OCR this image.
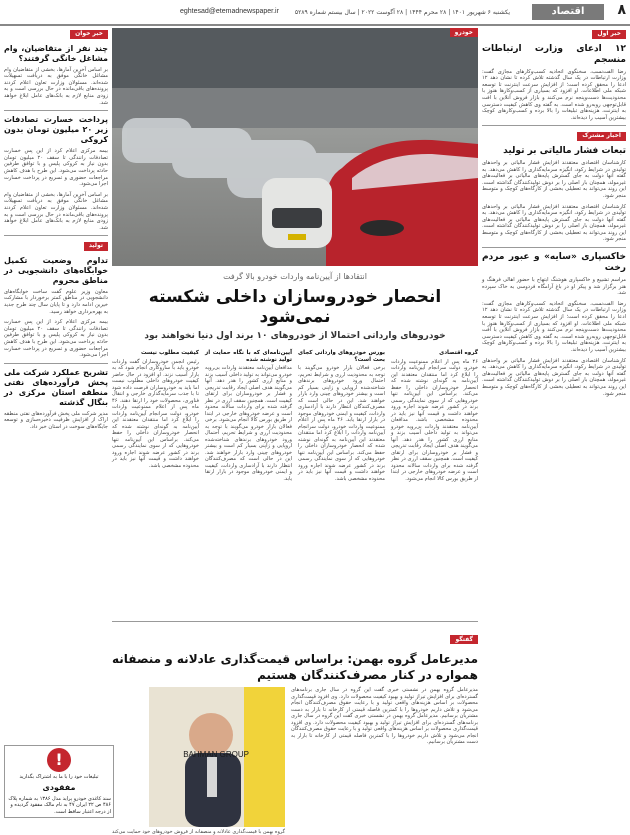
۸
اقتصاد
eghtesad@etemadnewspaper.ir	یکشنبه ۶ شهریور ۱۴۰۱ | ۲۸ محرم ۱۴۴۴ | ۲۸ آگوست ۲۰۲۲ | سال بیستم شماره ۵۲۸۹
خبر اول
۱۲ ادعای وزارت ارتباطات منسجم

رضا الفت‌نسب، سخنگوی اتحادیه کسب‌وکارهای مجازی گفت: وزارت ارتباطات در یک سال گذشته تلاش کرده تا نشان دهد ۱۲ ادعا را محقق کرده است؛ از افزایش سرعت اینترنت تا توسعه شبکه ملی اطلاعات. او افزود که بسیاری از کسب‌وکارها هنوز با محدودیت‌ها دست‌وپنجه نرم می‌کنند و بازار فروش آنلاین با افت قابل‌توجهی روبه‌رو شده است. به گفته وی کاهش کیفیت دسترسی به اینترنت، هزینه‌های تبلیغات را بالا برده و کسب‌وکارهای کوچک بیشترین آسیب را دیده‌اند.

اخبار مشترک
تبعات فشار مالیاتی بر تولید

کارشناسان اقتصادی معتقدند افزایش فشار مالیاتی بر واحدهای تولیدی در شرایط رکود، انگیزه سرمایه‌گذاری را کاهش می‌دهد. به گفته آنها دولت به جای گسترش پایه‌های مالیاتی بر فعالیت‌های غیرمولد، همچنان بار اصلی را بر دوش تولیدکنندگان گذاشته است. این روند می‌تواند به تعطیلی بخشی از کارگاه‌های کوچک و متوسط منجر شود.

کارشناسان اقتصادی معتقدند افزایش فشار مالیاتی بر واحدهای تولیدی در شرایط رکود، انگیزه سرمایه‌گذاری را کاهش می‌دهد. به گفته آنها دولت به جای گسترش پایه‌های مالیاتی بر فعالیت‌های غیرمولد، همچنان بار اصلی را بر دوش تولیدکنندگان گذاشته است. این روند می‌تواند به تعطیلی بخشی از کارگاه‌های کوچک و متوسط منجر شود.

خاکسپاری «سایه» و عبور مردم رخت

مراسم تشییع و خاکسپاری هوشنگ ابتهاج با حضور اهالی فرهنگ و هنر برگزار شد و پیکر او در باغ آرامگاه فردوسی به خاک سپرده شد.

رضا الفت‌نسب، سخنگوی اتحادیه کسب‌وکارهای مجازی گفت: وزارت ارتباطات در یک سال گذشته تلاش کرده تا نشان دهد ۱۲ ادعا را محقق کرده است؛ از افزایش سرعت اینترنت تا توسعه شبکه ملی اطلاعات. او افزود که بسیاری از کسب‌وکارها هنوز با محدودیت‌ها دست‌وپنجه نرم می‌کنند و بازار فروش آنلاین با افت قابل‌توجهی روبه‌رو شده است. به گفته وی کاهش کیفیت دسترسی به اینترنت، هزینه‌های تبلیغات را بالا برده و کسب‌وکارهای کوچک بیشترین آسیب را دیده‌اند.

کارشناسان اقتصادی معتقدند افزایش فشار مالیاتی بر واحدهای تولیدی در شرایط رکود، انگیزه سرمایه‌گذاری را کاهش می‌دهد. به گفته آنها دولت به جای گسترش پایه‌های مالیاتی بر فعالیت‌های غیرمولد، همچنان بار اصلی را بر دوش تولیدکنندگان گذاشته است. این روند می‌تواند به تعطیلی بخشی از کارگاه‌های کوچک و متوسط منجر شود.

خودرو
انتقادها از آیین‌نامه واردات خودرو بالا گرفت
انحصار خودروسازان داخلی شکسته نمی‌شود
خودروهای وارداتی احتمالا از خودروهای ۱۰ برند اول دنیا نخواهند بود
گروه اقتصادی
۴۶ ماه پس از اعلام ممنوعیت واردات خودرو، دولت سرانجام آیین‌نامه واردات را ابلاغ کرد اما منتقدان معتقدند این آیین‌نامه به گونه‌ای نوشته شده که انحصار خودروسازان داخلی را حفظ می‌کند. براساس این آیین‌نامه تنها خودروهایی که از سوی نمایندگی رسمی برند در کشور عرضه شوند اجازه ورود خواهند داشت و قیمت آنها نیز باید در محدوده مشخصی باشد. مدافعان آیین‌نامه معتقدند واردات بی‌رویه خودرو می‌تواند به تولید داخلی آسیب بزند و منابع ارزی کشور را هدر دهد. آنها می‌گویند هدف اصلی ایجاد رقابت تدریجی و فشار بر خودروسازان برای ارتقای کیفیت است. همچنین سقف ارزی در نظر گرفته شده برای واردات سالانه محدود است و عرضه خودروهای خارجی در ابتدا از طریق بورس کالا انجام می‌شود.
بورس خودروهای وارداتی کجای بحث است؟
برخی فعالان بازار خودرو می‌گویند با توجه به محدودیت ارزی و شرایط تحریم، احتمال ورود خودروهای برندهای شناخته‌شده اروپایی و ژاپنی بسیار کم است و بیشتر خودروهای چینی وارد بازار خواهند شد. این در حالی است که مصرف‌کنندگان انتظار دارند با آزادسازی واردات، کیفیت و ایمنی خودروهای موجود در بازار ارتقا یابد. ۴۶ ماه پس از اعلام ممنوعیت واردات خودرو، دولت سرانجام آیین‌نامه واردات را ابلاغ کرد اما منتقدان معتقدند این آیین‌نامه به گونه‌ای نوشته شده که انحصار خودروسازان داخلی را حفظ می‌کند. براساس این آیین‌نامه تنها خودروهایی که از سوی نمایندگی رسمی برند در کشور عرضه شوند اجازه ورود خواهند داشت و قیمت آنها نیز باید در محدوده مشخصی باشد.
آیین‌نامه‌ای که با نگاه حمایت از تولید نوشته شده
مدافعان آیین‌نامه معتقدند واردات بی‌رویه خودرو می‌تواند به تولید داخلی آسیب بزند و منابع ارزی کشور را هدر دهد. آنها می‌گویند هدف اصلی ایجاد رقابت تدریجی و فشار بر خودروسازان برای ارتقای کیفیت است. همچنین سقف ارزی در نظر گرفته شده برای واردات سالانه محدود است و عرضه خودروهای خارجی در ابتدا از طریق بورس کالا انجام می‌شود. برخی فعالان بازار خودرو می‌گویند با توجه به محدودیت ارزی و شرایط تحریم، احتمال ورود خودروهای برندهای شناخته‌شده اروپایی و ژاپنی بسیار کم است و بیشتر خودروهای چینی وارد بازار خواهند شد. این در حالی است که مصرف‌کنندگان انتظار دارند با آزادسازی واردات، کیفیت و ایمنی خودروهای موجود در بازار ارتقا یابد.
کیفیت مطلوب نیست
رئیس انجمن خودروسازان گفت واردات خودرو باید با سازوکاری انجام شود که به بازار آسیب نزند. او افزود در حال حاضر کیفیت خودروهای داخلی مطلوب نیست اما باید به خودروسازان فرصت داده شود تا با جذب سرمایه‌گذاری خارجی و انتقال فناوری، محصولات خود را ارتقا دهند. ۴۶ ماه پس از اعلام ممنوعیت واردات خودرو، دولت سرانجام آیین‌نامه واردات را ابلاغ کرد اما منتقدان معتقدند این آیین‌نامه به گونه‌ای نوشته شده که انحصار خودروسازان داخلی را حفظ می‌کند. براساس این آیین‌نامه تنها خودروهایی که از سوی نمایندگی رسمی برند در کشور عرضه شوند اجازه ورود خواهند داشت و قیمت آنها نیز باید در محدوده مشخصی باشد.
گفتگو
مدیرعامل گروه بهمن: براساس قیمت‌گذاری عادلانه و منصفانه همواره در کنار مصرف‌کنندگان هستیم
مدیرعامل گروه بهمن در نشستی خبری گفت این گروه در سال جاری برنامه‌های گسترده‌ای برای افزایش تیراژ تولید و بهبود کیفیت محصولات دارد. وی افزود قیمت‌گذاری محصولات بر اساس هزینه‌های واقعی تولید و با رعایت حقوق مصرف‌کنندگان انجام می‌شود و تلاش داریم خودروها را با کمترین فاصله قیمتی از کارخانه تا بازار به دست مشتریان برسانیم. مدیرعامل گروه بهمن در نشستی خبری گفت این گروه در سال جاری برنامه‌های گسترده‌ای برای افزایش تیراژ تولید و بهبود کیفیت محصولات دارد. وی افزود قیمت‌گذاری محصولات بر اساس هزینه‌های واقعی تولید و با رعایت حقوق مصرف‌کنندگان انجام می‌شود و تلاش داریم خودروها را با کمترین فاصله قیمتی از کارخانه تا بازار به دست مشتریان برسانیم.
BAHMAN GROUP
گروه بهمن با قیمت‌گذاری عادلانه و منصفانه از فروش خودروهای خود حمایت می‌کند
خبر خوان
چند نفر از متقاضیان، وام مشاغل خانگی گرفتند؟

بر اساس آخرین آمارها، بخشی از متقاضیان وام مشاغل خانگی موفق به دریافت تسهیلات شده‌اند. مسئولان وزارت تعاون اعلام کردند پرونده‌های باقی‌مانده در حال بررسی است و به زودی منابع لازم به بانک‌های عامل ابلاغ خواهد شد.

پرداخت خسارت تصادفات زیر ۲۰ میلیون تومان بدون کروکی

بیمه مرکزی اعلام کرد از این پس خسارت تصادفات رانندگی تا سقف ۲۰ میلیون تومان بدون نیاز به کروکی پلیس و با توافق طرفین حادثه پرداخت می‌شود. این طرح با هدف کاهش مراجعات حضوری و تسریع در پرداخت خسارت اجرا می‌شود.

بر اساس آخرین آمارها، بخشی از متقاضیان وام مشاغل خانگی موفق به دریافت تسهیلات شده‌اند. مسئولان وزارت تعاون اعلام کردند پرونده‌های باقی‌مانده در حال بررسی است و به زودی منابع لازم به بانک‌های عامل ابلاغ خواهد شد.

تولید
تداوم وضعیت تکمیل خوابگاه‌های دانشجویی در مناطق محروم

معاون وزیر علوم گفت ساخت خوابگاه‌های دانشجویی در مناطق کمتر برخوردار با مشارکت خیرین ادامه دارد و تا پایان سال چند طرح جدید به بهره‌برداری خواهد رسید.

بیمه مرکزی اعلام کرد از این پس خسارت تصادفات رانندگی تا سقف ۲۰ میلیون تومان بدون نیاز به کروکی پلیس و با توافق طرفین حادثه پرداخت می‌شود. این طرح با هدف کاهش مراجعات حضوری و تسریع در پرداخت خسارت اجرا می‌شود.

تشریح عملکرد شرکت ملی پخش فرآورده‌های نفتی منطقه استان مرکزی در بنگال گذشته

مدیر شرکت ملی پخش فرآورده‌های نفتی منطقه اراک از افزایش ظرفیت ذخیره‌سازی و توسعه جایگاه‌های سوخت در استان خبر داد.

!
تبلیغات خود را با ما به اشتراک بگذارید
مفقودی
سند کاغذی خودرو پراید مدل ۱۳۸۶ به شماره پلاک ۴۸۶ ص ۲۲ ایران ۴۷ به نام مالک مفقود گردیده و از درجه اعتبار ساقط است.
